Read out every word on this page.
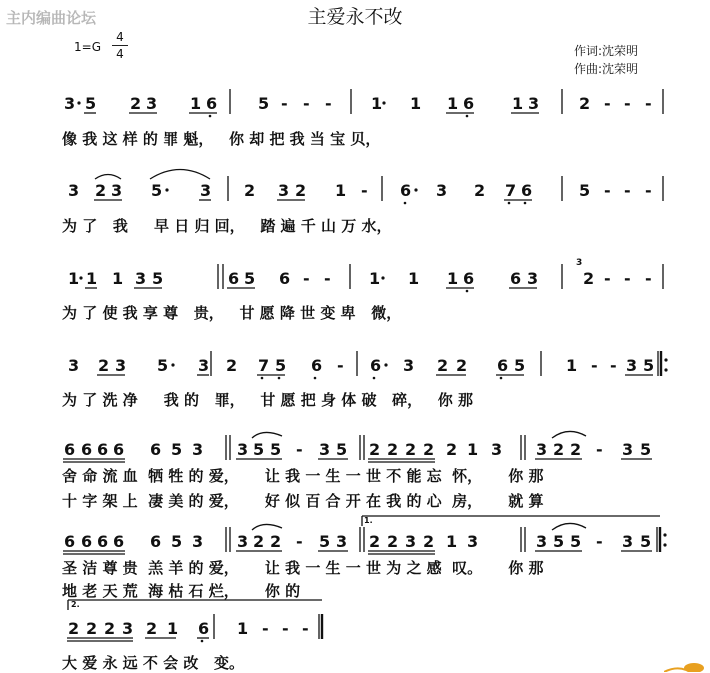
主内编曲论坛	主爱永不改
1=G
4
4	作词:沈荣明
作曲:沈荣明
3 5 2 3 1 6	5 - - - 1 1 1 6 1 3 2 - - -
3 2 3 5 3 2 3 2 1 - 6 3 2 7 6	5 - - -
1 1 1 3 5	6 5 6 - - 1 1 1 6 6 3	2 - - -
3
3 2 3 5 3 2 7 5 6 - 6 3 2 2 6 5	1 - - 3 5
6 6 6 6 6 5 3 3 5 5 - 3 5 2 2 2 2 2 1 3 3 2 2 - 3 5
1.
6 6 6 6 6 5 3 3 2 2 - 5 3 2 2 3 2 1 3	3 5 5 - 3 5
2.
2 2 2 3 2 1 6 1 - - -
像 我 这 样 的 罪 魁，   你 却 把 我 当 宝 贝，
为 了   我     早 日 归 回，   踏 遍 千 山 万 水，
为 了 使 我 享 尊   贵，   甘 愿 降 世 变 卑   微，
为 了 洗 净     我 的   罪，   甘 愿 把 身 体 破   碎，   你 那
舍 命 流 血  牺 牲 的 爱，     让 我 一 生 一 世 不 能 忘  怀，     你 那
十 字 架 上  凄 美 的 爱，     好 似 百 合 开 在 我 的 心  房，     就 算
圣 洁 尊 贵  羔 羊 的 爱，     让 我 一 生 一 世 为 之 感  叹。     你 那
地 老 天 荒  海 枯 石 烂，     你 的
大 爱 永 远 不 会 改   变。
